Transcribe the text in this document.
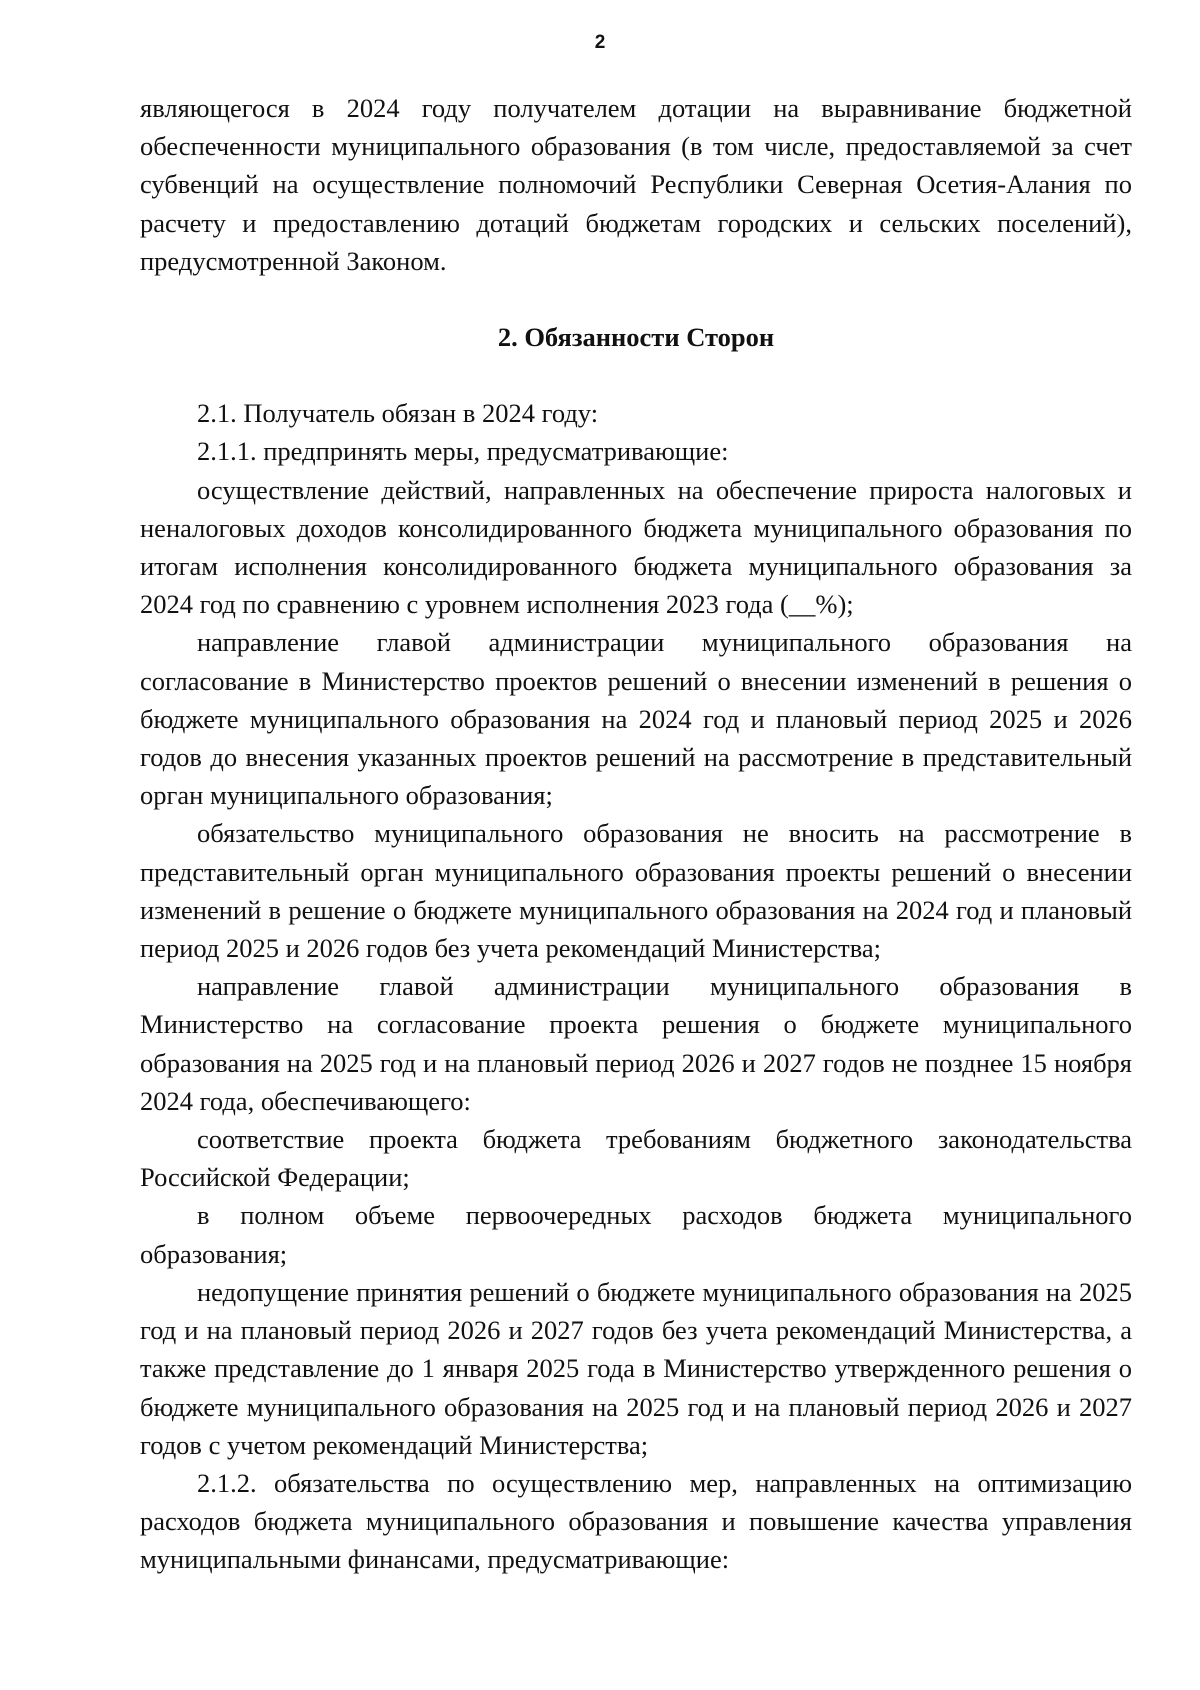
2

являющегося в 2024 году получателем дотации на выравнивание бюджетной обеспеченности муниципального образования (в том числе, предоставляемой за счет субвенций на осуществление полномочий Республики Северная Осетия-Алания по расчету и предоставлению дотаций бюджетам городских и сельских поселений), предусмотренной Законом.

2. Обязанности Сторон

2.1. Получатель обязан в 2024 году:

2.1.1. предпринять меры, предусматривающие:

осуществление действий, направленных на обеспечение прироста налоговых и неналоговых доходов консолидированного бюджета муниципального образования по итогам исполнения консолидированного бюджета муниципального образования за 2024 год по сравнению с уровнем исполнения 2023 года (__%);

направление главой администрации муниципального образования на согласование в Министерство проектов решений о внесении изменений в решения о бюджете муниципального образования на 2024 год и плановый период 2025 и 2026 годов до внесения указанных проектов решений на рассмотрение в представительный орган муниципального образования;

обязательство муниципального образования не вносить на рассмотрение в представительный орган муниципального образования проекты решений о внесении изменений в решение о бюджете муниципального образования на 2024 год и плановый период 2025 и 2026 годов без учета рекомендаций Министерства;

направление главой администрации муниципального образования в Министерство на согласование проекта решения о бюджете муниципального образования на 2025 год и на плановый период 2026 и 2027 годов не позднее 15 ноября 2024 года, обеспечивающего:

соответствие проекта бюджета требованиям бюджетного законодательства Российской Федерации;

в полном объеме первоочередных расходов бюджета муниципального образования;

недопущение принятия решений о бюджете муниципального образования на 2025 год и на плановый период 2026 и 2027 годов без учета рекомендаций Министерства, а также представление до 1 января 2025 года в Министерство утвержденного решения о бюджете муниципального образования на 2025 год и на плановый период 2026 и 2027 годов с учетом рекомендаций Министерства;

2.1.2. обязательства по осуществлению мер, направленных на оптимизацию расходов бюджета муниципального образования и повышение качества управления муниципальными финансами, предусматривающие:
